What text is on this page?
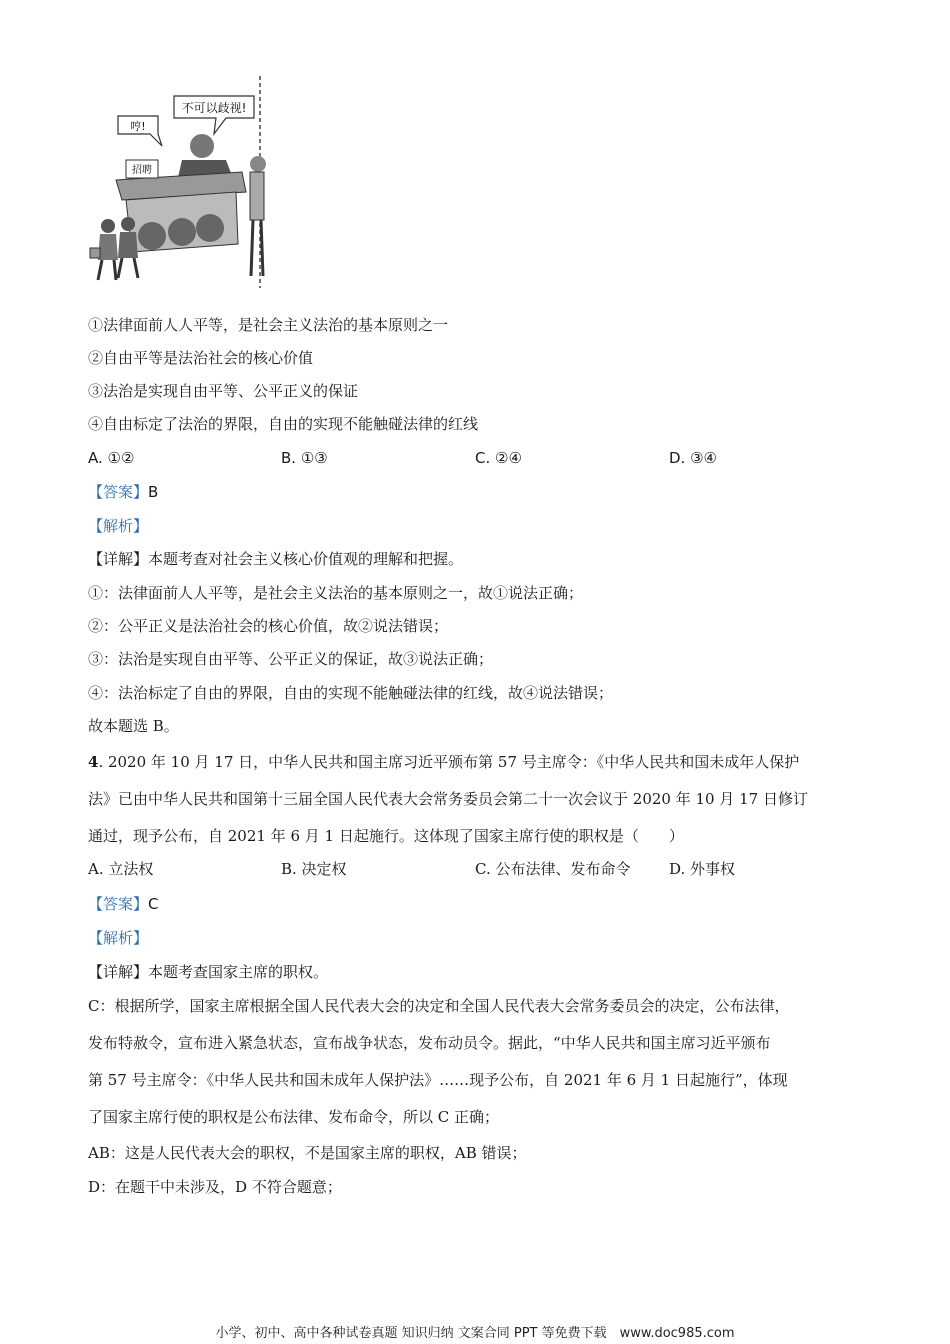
不可以歧视!
哼!
招聘
①法律面前人人平等，是社会主义法治的基本原则之一
②自由平等是法治社会的核心价值
③法治是实现自由平等、公平正义的保证
④自由标定了法治的界限，自由的实现不能触碰法律的红线
A. ①②	B. ①③	C. ②④	D. ③④
【答案】B
【解析】
【详解】本题考查对社会主义核心价值观的理解和把握。
①：法律面前人人平等，是社会主义法治的基本原则之一，故①说法正确；
②：公平正义是法治社会的核心价值，故②说法错误；
③：法治是实现自由平等、公平正义的保证，故③说法正确；
④：法治标定了自由的界限，自由的实现不能触碰法律的红线，故④说法错误；
故本题选 B。
4. 2020 年 10 月 17 日，中华人民共和国主席习近平颁布第 57 号主席令：《中华人民共和国未成年人保护
法》已由中华人民共和国第十三届全国人民代表大会常务委员会第二十一次会议于 2020 年 10 月 17 日修订
通过，现予公布，自 2021 年 6 月 1 日起施行。这体现了国家主席行使的职权是（　　）
A. 立法权	B. 决定权	C. 公布法律、发布命令	D. 外事权
【答案】C
【解析】
【详解】本题考查国家主席的职权。
C：根据所学，国家主席根据全国人民代表大会的决定和全国人民代表大会常务委员会的决定，公布法律，
发布特赦令，宣布进入紧急状态，宣布战争状态，发布动员令。据此，“中华人民共和国主席习近平颁布
第 57 号主席令：《中华人民共和国未成年人保护法》……现予公布，自 2021 年 6 月 1 日起施行”，体现
了国家主席行使的职权是公布法律、发布命令，所以 C 正确；
AB：这是人民代表大会的职权，不是国家主席的职权，AB 错误；
D：在题干中未涉及，D 不符合题意；
小学、初中、高中各种试卷真题 知识归纳 文案合同 PPT 等免费下载　www.doc985.com
